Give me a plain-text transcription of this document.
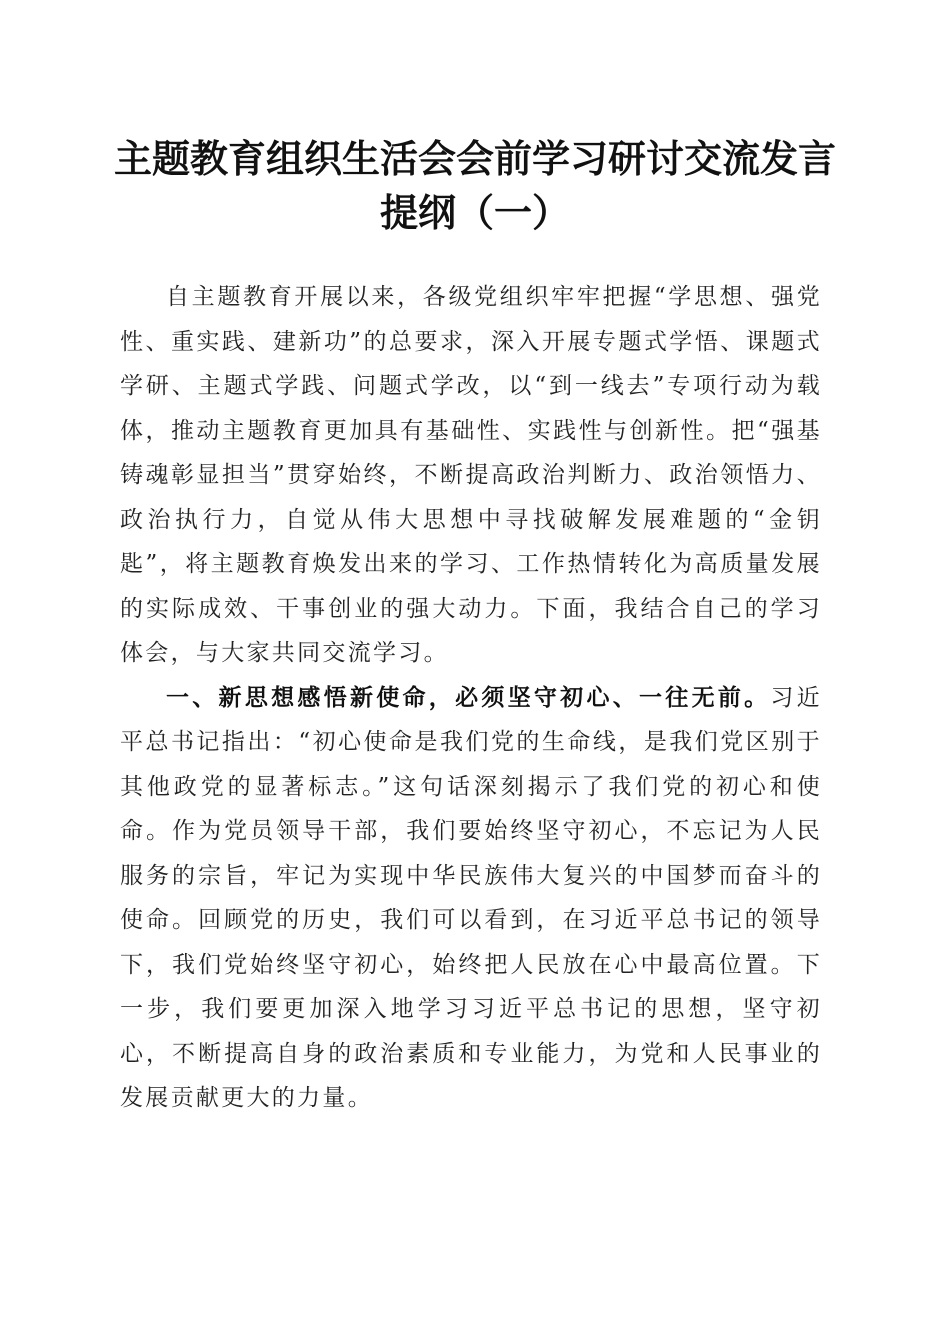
主题教育组织生活会会前学习研讨交流发言提纲（一）

自主题教育开展以来，各级党组织牢牢把握“学思想、强党性、重实践、建新功”的总要求，深入开展专题式学悟、课题式学研、主题式学践、问题式学改，以“到一线去”专项行动为载体，推动主题教育更加具有基础性、实践性与创新性。把“强基铸魂彰显担当”贯穿始终，不断提高政治判断力、政治领悟力、政治执行力，自觉从伟大思想中寻找破解发展难题的“金钥匙”，将主题教育焕发出来的学习、工作热情转化为高质量发展的实际成效、干事创业的强大动力。下面，我结合自己的学习体会，与大家共同交流学习。

一、新思想感悟新使命，必须坚守初心、一往无前。习近平总书记指出：“初心使命是我们党的生命线，是我们党区别于其他政党的显著标志。”这句话深刻揭示了我们党的初心和使命。作为党员领导干部，我们要始终坚守初心，不忘记为人民服务的宗旨，牢记为实现中华民族伟大复兴的中国梦而奋斗的使命。回顾党的历史，我们可以看到，在习近平总书记的领导下，我们党始终坚守初心，始终把人民放在心中最高位置。下一步，我们要更加深入地学习习近平总书记的思想，坚守初心，不断提高自身的政治素质和专业能力，为党和人民事业的发展贡献更大的力量。
